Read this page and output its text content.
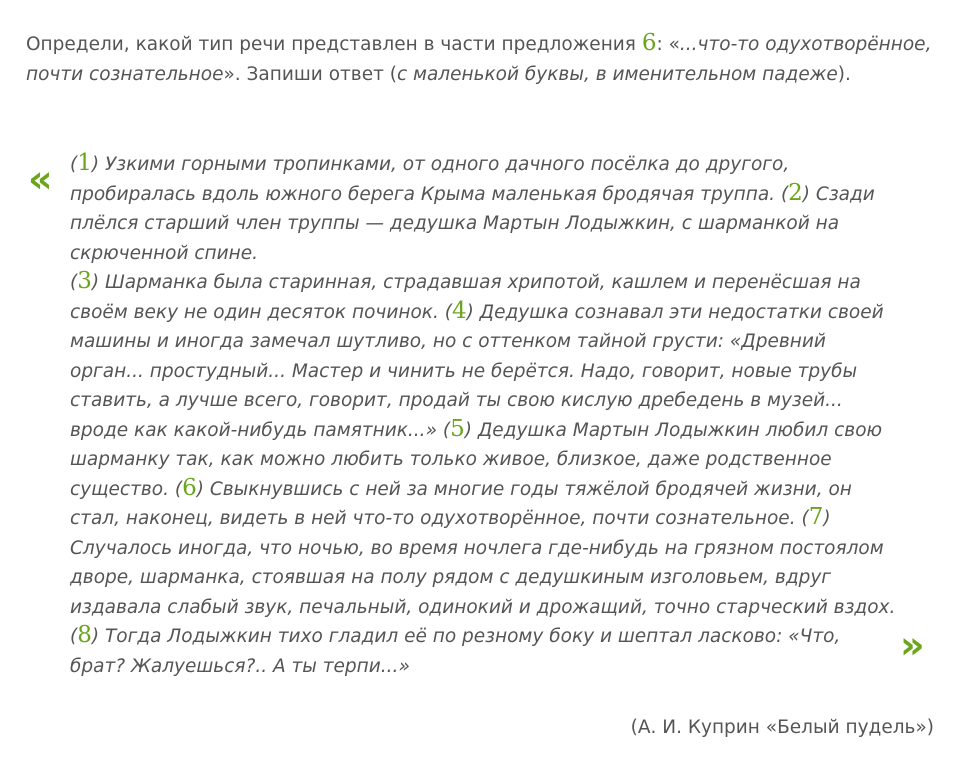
Определи, какой тип речи представлен в части предложения 6: «...что-то одухотворённое, почти сознательное». Запиши ответ (с маленькой буквы, в именительном падеже).

« (1) Узкими горными тропинками, от одного дачного посёлка до другого, пробиралась вдоль южного берега Крыма маленькая бродячая труппа. (2) Сзади плёлся старший член труппы — дедушка Мартын Лодыжкин, с шарманкой на скрюченной спине.

(3) Шарманка была старинная, страдавшая хрипотой, кашлем и перенёсшая на своём веку не один десяток починок. (4) Дедушка сознавал эти недостатки своей машины и иногда замечал шутливо, но с оттенком тайной грусти: «Древний орган... простудный... Мастер и чинить не берётся. Надо, говорит, новые трубы ставить, а лучше всего, говорит, продай ты свою кислую дребедень в музей... вроде как какой-нибудь памятник...» (5) Дедушка Мартын Лодыжкин любил свою шарманку так, как можно любить только живое, близкое, даже родственное существо. (6) Свыкнувшись с ней за многие годы тяжёлой бродячей жизни, он стал, наконец, видеть в ней что-то одухотворённое, почти сознательное. (7) Случалось иногда, что ночью, во время ночлега где-нибудь на грязном постоялом дворе, шарманка, стоявшая на полу рядом с дедушкиным изголовьем, вдруг издавала слабый звук, печальный, одинокий и дрожащий, точно старческий вздох. (8) Тогда Лодыжкин тихо гладил её по резному боку и шептал ласково: «Что, брат? Жалуешься?.. А ты терпи...»	»
(А. И. Куприн «Белый пудель»)
